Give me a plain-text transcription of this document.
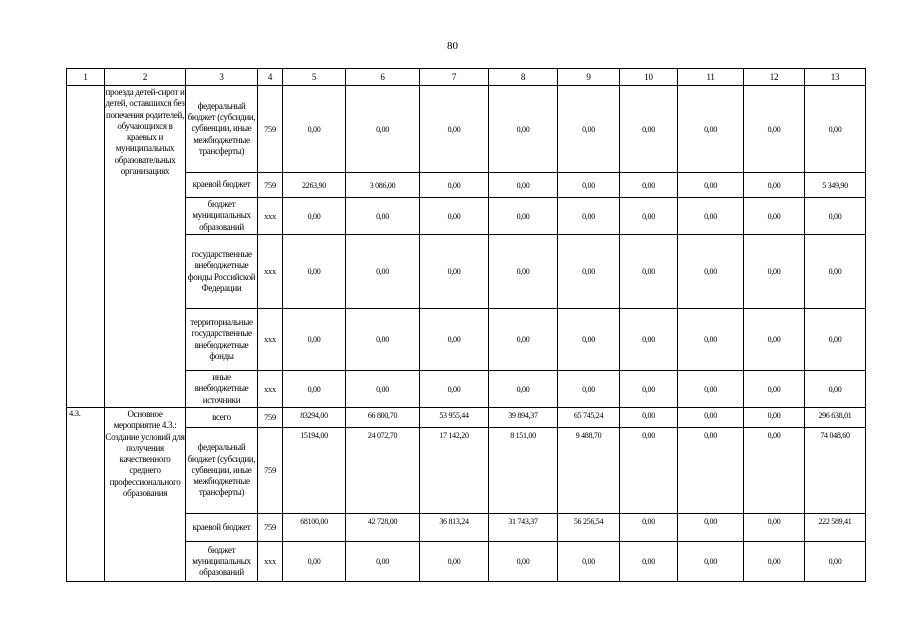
80
1	2	3	4	5	6	7	8	9	10	11	12	13
	проезда детей-сирот и детей, оставшихся без попечения родителей, обучающихся в краевых и муниципальных образовательных организациях	федеральный бюджет (субсидии, субвенции, иные межбюджетные трансферты)	759	0,00	0,00	0,00	0,00	0,00	0,00	0,00	0,00	0,00
		краевой бюджет	759	2263,90	3 086,00	0,00	0,00	0,00	0,00	0,00	0,00	5 349,90
		бюджет муниципальных образований	xxx	0,00	0,00	0,00	0,00	0,00	0,00	0,00	0,00	0,00
		государственные внебюджетные фонды Российской Федерации	xxx	0,00	0,00	0,00	0,00	0,00	0,00	0,00	0,00	0,00
		территориальные государственные внебюджетные фонды	xxx	0,00	0,00	0,00	0,00	0,00	0,00	0,00	0,00	0,00
		иные внебюджетные источники	xxx	0,00	0,00	0,00	0,00	0,00	0,00	0,00	0,00	0,00
4.3.	Основное мероприятие 4.3.: Создание условий для получения качественного среднего профессионального образования	всего	759	83294,00	66 800,70	53 955,44	39 894,37	65 745,24	0,00	0,00	0,00	296 638,01
		федеральный бюджет (субсидии, субвенции, иные межбюджетные трансферты)	759	15194,00	24 072,70	17 142,20	8 151,00	9 488,70	0,00	0,00	0,00	74 048,60
		краевой бюджет	759	68100,00	42 728,00	36 813,24	31 743,37	56 256,54	0,00	0,00	0,00	222 589,41
		бюджет муниципальных образований	xxx	0,00	0,00	0,00	0,00	0,00	0,00	0,00	0,00	0,00
